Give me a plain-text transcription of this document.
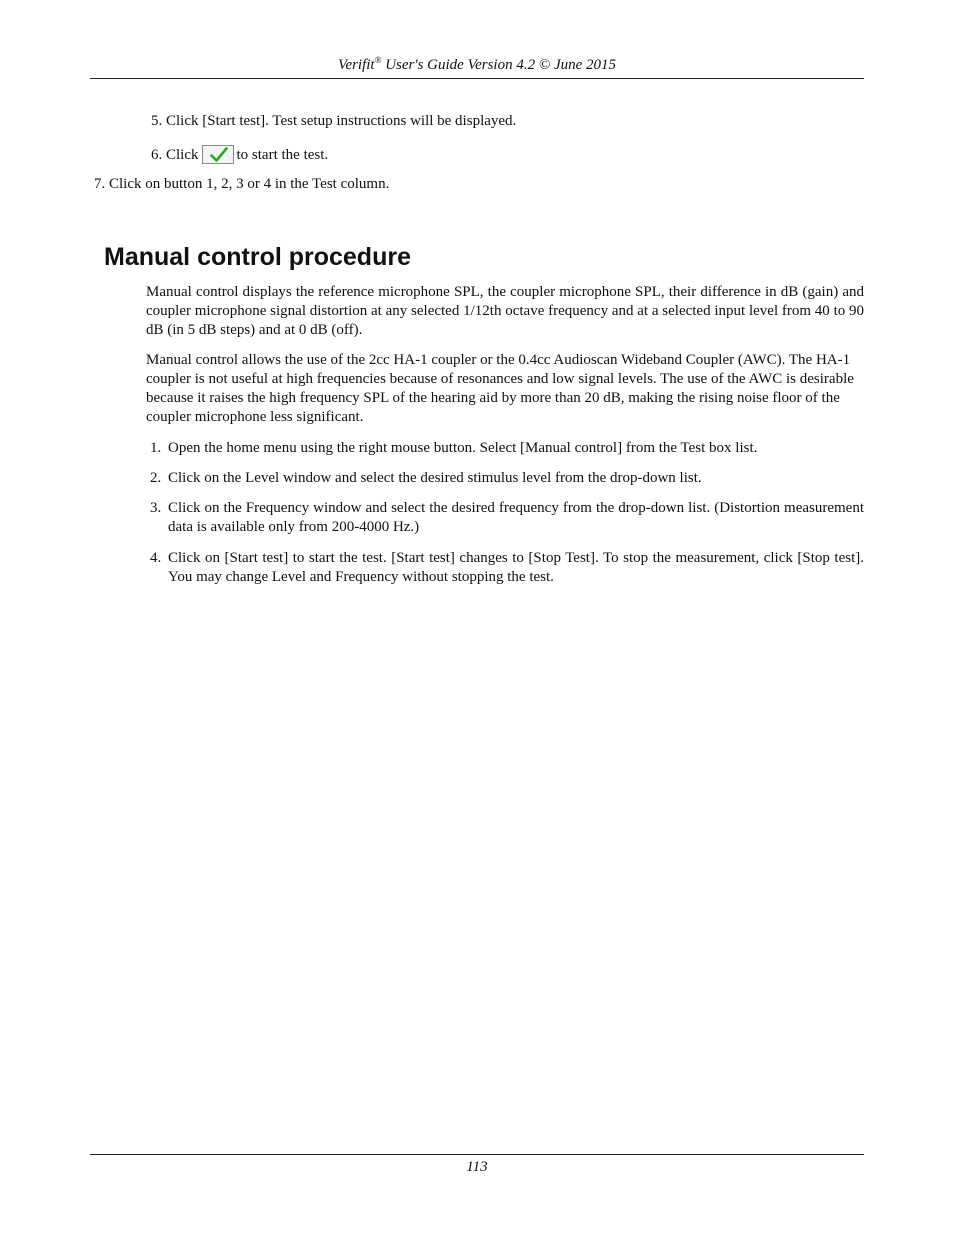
Verifit® User's Guide Version 4.2 © June 2015
5. Click [Start test]. Test setup instructions will be displayed.
6. Click	to start the test.
7. Click on button 1, 2, 3 or 4 in the Test column.
Manual control procedure

Manual control displays the reference microphone SPL, the coupler microphone SPL, their difference in dB (gain) and coupler microphone signal distortion at any selected 1/12th octave frequency and at a selected input level from 40 to 90 dB (in 5 dB steps) and at 0 dB (off).

Manual control allows the use of the 2cc HA-1 coupler or the 0.4cc Audioscan Wideband Coupler (AWC). The HA-1 coupler is not useful at high frequencies because of resonances and low signal levels. The use of the AWC is desirable because it raises the high frequency SPL of the hearing aid by more than 20 dB, making the rising noise floor of the coupler microphone less significant.

1. Open the home menu using the right mouse button. Select [Manual control] from the Test box list.
2. Click on the Level window and select the desired stimulus level from the drop-down list.
3. Click on the Frequency window and select the desired frequency from the drop-down list. (Distortion measurement data is available only from 200-4000 Hz.)
4. Click on [Start test] to start the test. [Start test] changes to [Stop Test]. To stop the measurement, click [Stop test]. You may change Level and Frequency without stopping the test.
113
